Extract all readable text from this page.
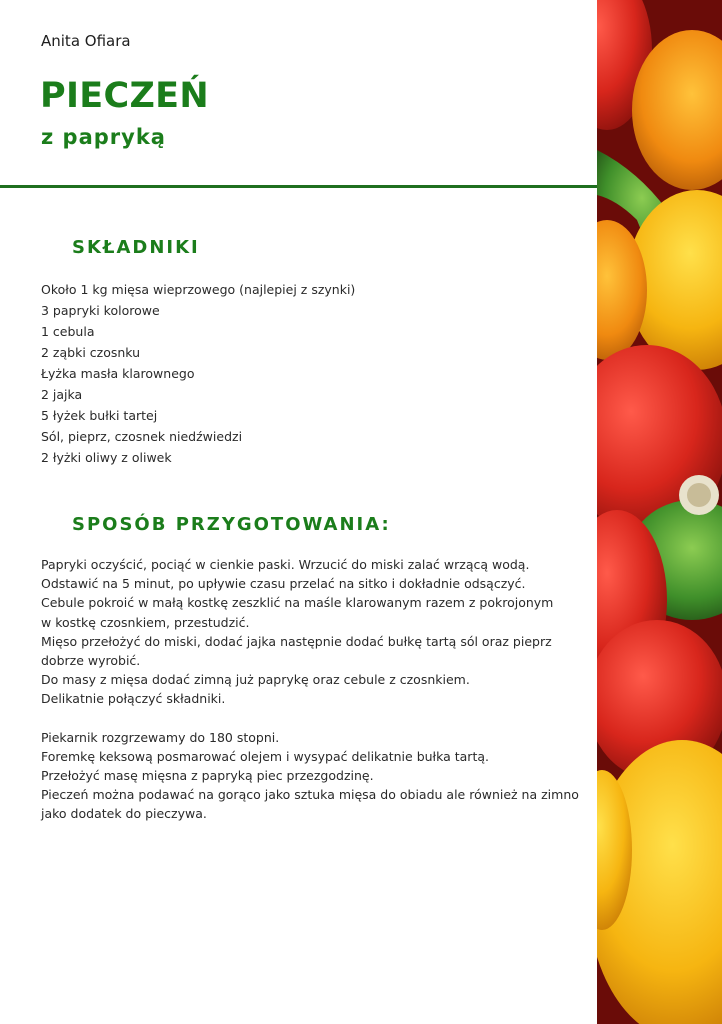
Anita Ofiara
PIECZEŃ
z papryką
SKŁADNIKI
Około 1 kg mięsa wieprzowego (najlepiej z szynki)
3 papryki kolorowe
1 cebula
2 ząbki czosnku
Łyżka masła klarownego
2 jajka
5 łyżek bułki tartej
Sól, pieprz, czosnek niedźwiedzi
2 łyżki oliwy z oliwek
SPOSÓB PRZYGOTOWANIA:
Papryki oczyścić, pociąć w cienkie paski. Wrzucić do miski zalać wrzącą wodą.
Odstawić na 5 minut, po upływie czasu przelać na sitko i dokładnie odsączyć.
Cebule pokroić w małą kostkę zeszklić na maśle klarowanym razem z pokrojonym
w kostkę czosnkiem, przestudzić.
Mięso przełożyć do miski, dodać jajka następnie dodać bułkę tartą sól oraz pieprz
dobrze wyrobić.
Do masy z mięsa dodać zimną już paprykę oraz cebule z czosnkiem.
Delikatnie połączyć składniki.
Piekarnik rozgrzewamy do 180 stopni.
Foremkę keksową posmarować olejem i wysypać delikatnie bułka tartą.
Przełożyć masę mięsna z papryką piec przezgodzinę.
Pieczeń można podawać na gorąco jako sztuka mięsa do obiadu ale również na zimno
jako dodatek do pieczywa.
